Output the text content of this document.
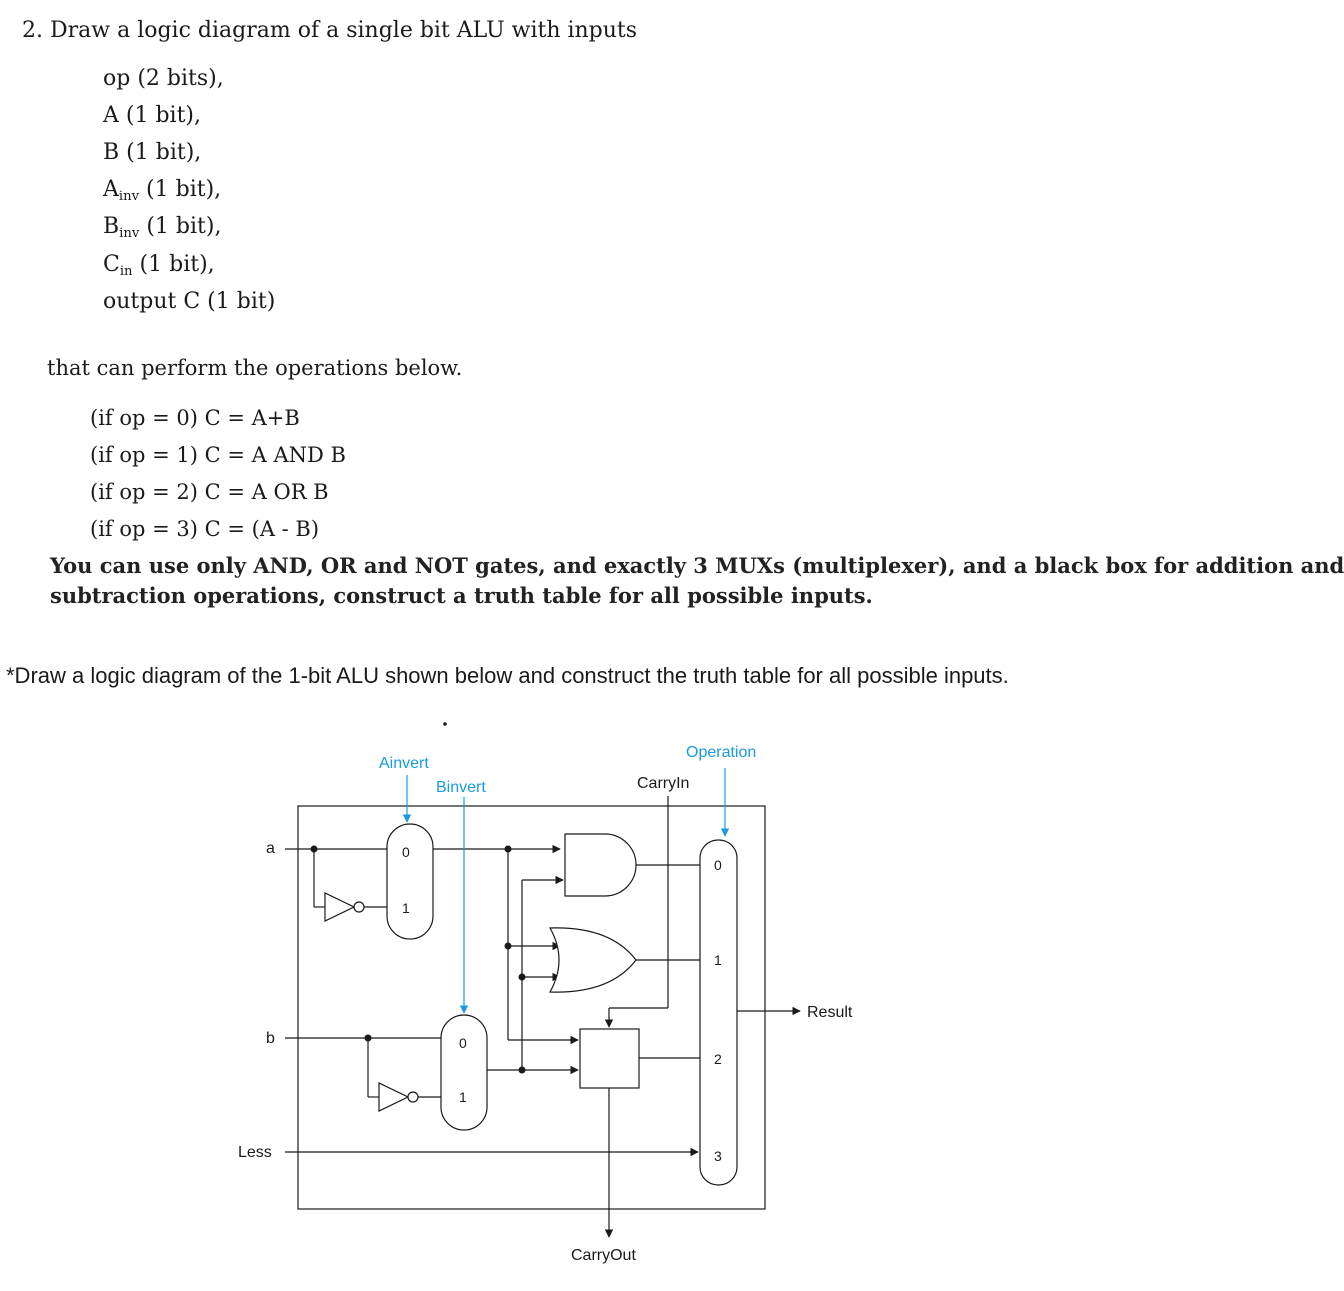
2. Draw a logic diagram of a single bit ALU with inputs
op (2 bits),
A (1 bit),
B (1 bit),
$A_{inv}$ (1 bit),
$B_{inv}$ (1 bit),
$C_{in}$ (1 bit),
output C (1 bit)
that can perform the operations below.
(if op = 0) C = A+B
(if op = 1) C = A AND B
(if op = 2) C = A OR B
(if op = 3) C = (A - B)
You can use only AND, OR and NOT gates, and exactly 3 MUXs (multiplexer), and a black box for addition and
subtraction operations, construct a truth table for all possible inputs.
*Draw a logic diagram of the 1-bit ALU shown below and construct the truth table for all possible inputs.
Ainvert
Binvert
Operation
CarryIn
a
b
Less
Result
CarryOut
0
1
0
1
0
1
2
3
